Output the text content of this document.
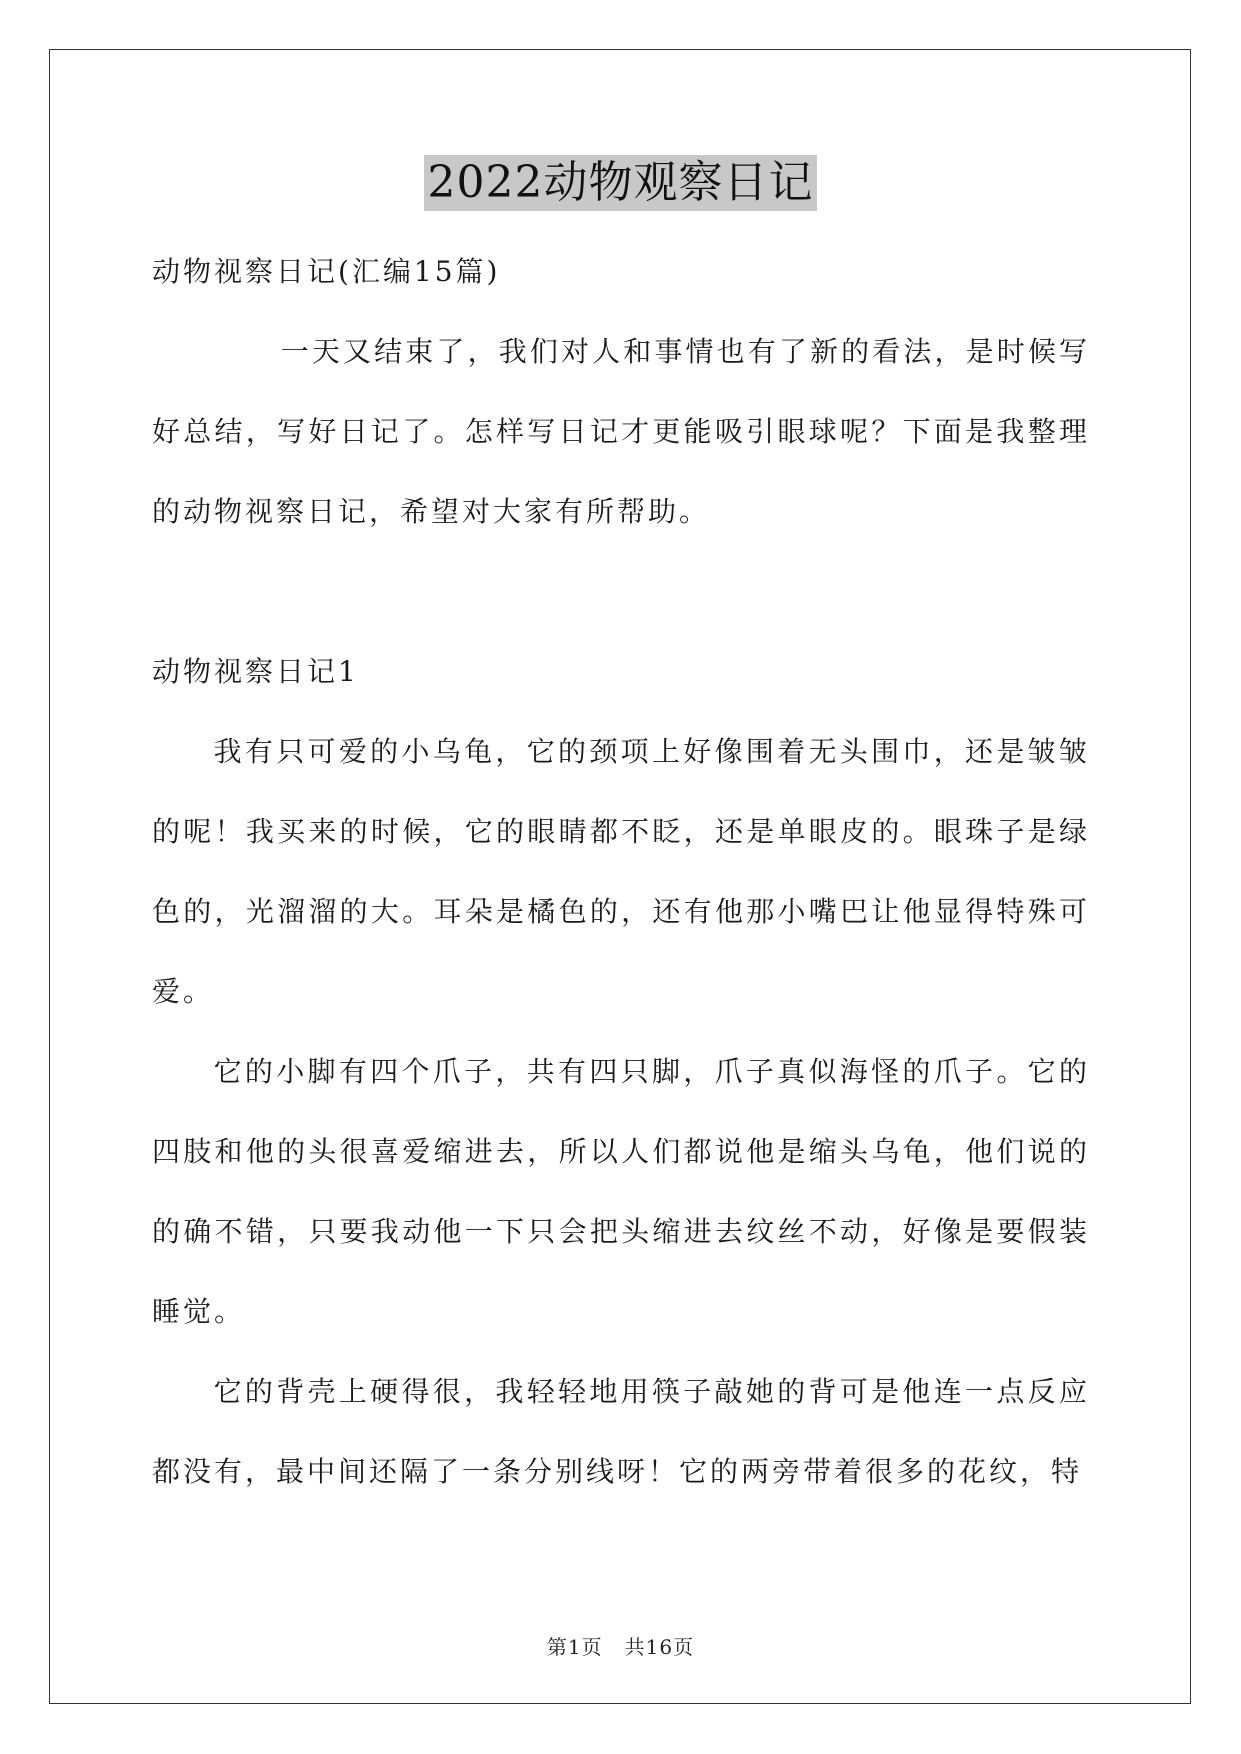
2022动物观察日记

动物视察日记(汇编15篇)

一天又结束了，我们对人和事情也有了新的看法，是时候写好总结，写好日记了。怎样写日记才更能吸引眼球呢？下面是我整理的动物视察日记，希望对大家有所帮助。

动物视察日记1

我有只可爱的小乌龟，它的颈项上好像围着无头围巾，还是皱皱的呢！我买来的时候，它的眼睛都不眨，还是单眼皮的。眼珠子是绿色的，光溜溜的大。耳朵是橘色的，还有他那小嘴巴让他显得特殊可爱。

它的小脚有四个爪子，共有四只脚，爪子真似海怪的爪子。它的四肢和他的头很喜爱缩进去，所以人们都说他是缩头乌龟，他们说的的确不错，只要我动他一下只会把头缩进去纹丝不动，好像是要假装睡觉。

它的背壳上硬得很，我轻轻地用筷子敲她的背可是他连一点反应都没有，最中间还隔了一条分别线呀！它的两旁带着很多的花纹，特

第1页 共16页
